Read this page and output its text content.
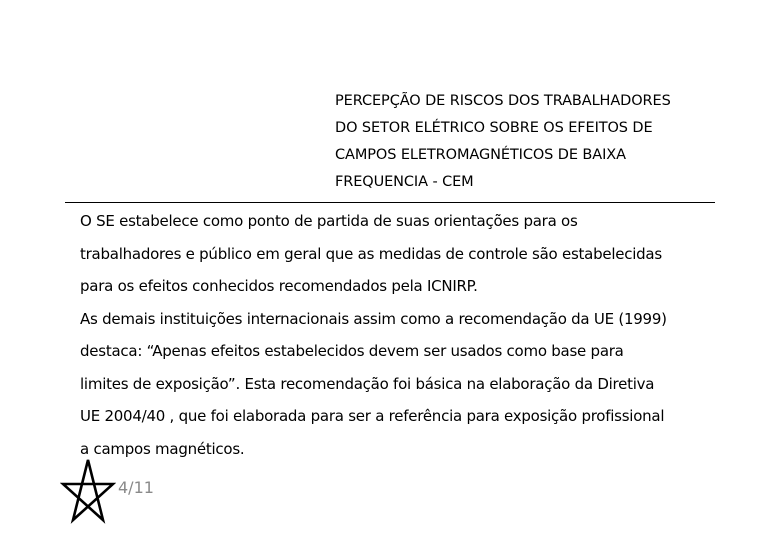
PERCEPÇÃO DE RISCOS DOS TRABALHADORES
DO SETOR ELÉTRICO SOBRE OS EFEITOS DE
CAMPOS ELETROMAGNÉTICOS DE BAIXA
FREQUENCIA - CEM
O SE estabelece como ponto de partida de suas orientações para os
trabalhadores e público em geral que as medidas de controle são estabelecidas
para os efeitos conhecidos recomendados pela ICNIRP.
As demais instituições internacionais assim como a recomendação da UE (1999)
destaca: “Apenas efeitos estabelecidos devem ser usados como base para
limites de exposição”. Esta recomendação foi básica na elaboração da Diretiva
UE 2004/40 , que foi elaborada para ser a referência para exposição profissional
a campos magnéticos.
4/11
